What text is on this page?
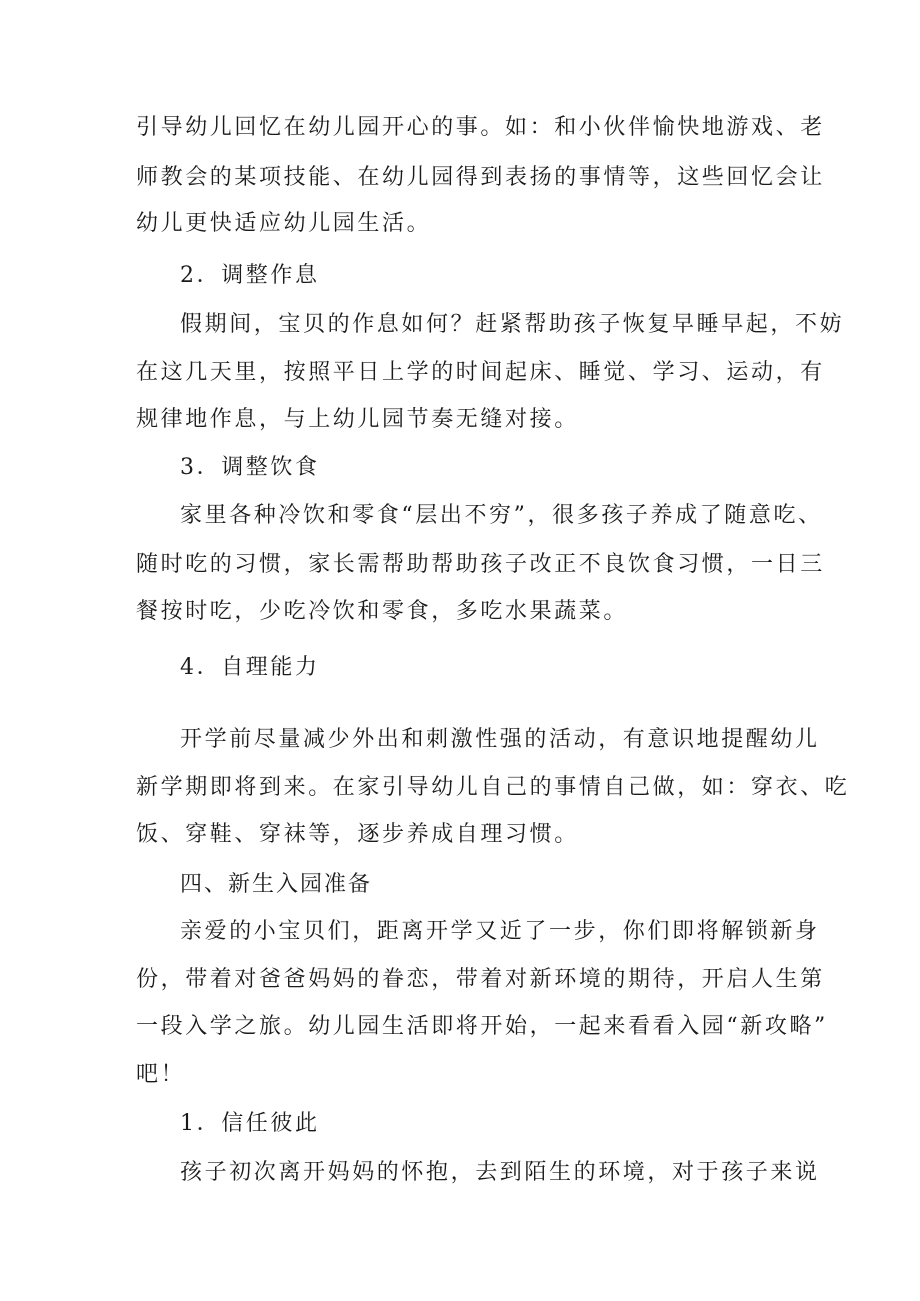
引导幼儿回忆在幼儿园开心的事。如：和小伙伴愉快地游戏、老
师教会的某项技能、在幼儿园得到表扬的事情等，这些回忆会让
幼儿更快适应幼儿园生活。
2．调整作息
假期间，宝贝的作息如何？赶紧帮助孩子恢复早睡早起，不妨
在这几天里，按照平日上学的时间起床、睡觉、学习、运动，有
规律地作息，与上幼儿园节奏无缝对接。
3．调整饮食
家里各种冷饮和零食“层出不穷”，很多孩子养成了随意吃、
随时吃的习惯，家长需帮助帮助孩子改正不良饮食习惯，一日三
餐按时吃，少吃冷饮和零食，多吃水果蔬菜。
4．自理能力
开学前尽量减少外出和刺激性强的活动，有意识地提醒幼儿
新学期即将到来。在家引导幼儿自己的事情自己做，如：穿衣、吃
饭、穿鞋、穿袜等，逐步养成自理习惯。
四、新生入园准备
亲爱的小宝贝们，距离开学又近了一步，你们即将解锁新身
份，带着对爸爸妈妈的眷恋，带着对新环境的期待，开启人生第
一段入学之旅。幼儿园生活即将开始，一起来看看入园“新攻略”
吧！
1．信任彼此
孩子初次离开妈妈的怀抱，去到陌生的环境，对于孩子来说
